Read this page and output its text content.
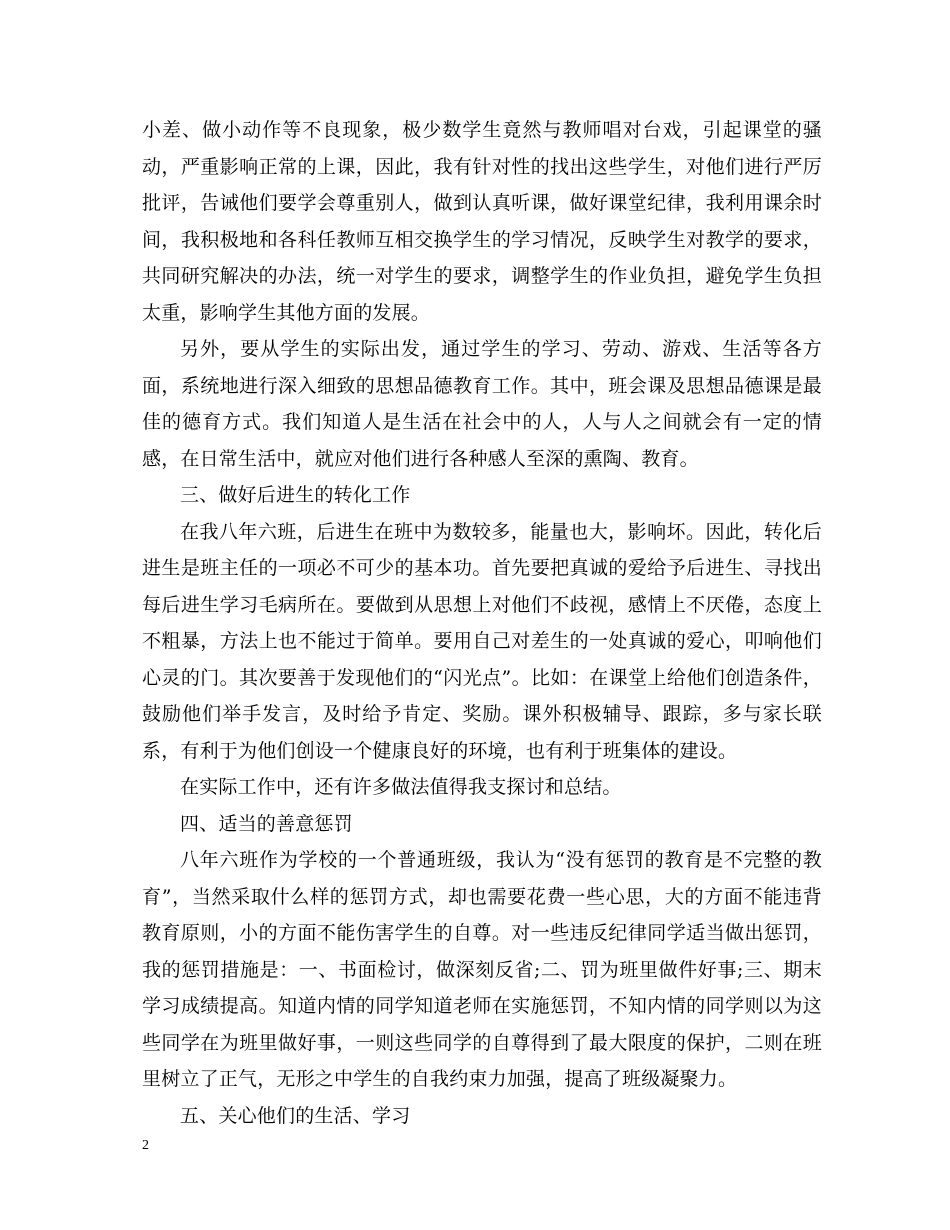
小差、做小动作等不良现象，极少数学生竟然与教师唱对台戏，引起课堂的骚动，严重影响正常的上课，因此，我有针对性的找出这些学生，对他们进行严厉批评，告诫他们要学会尊重别人，做到认真听课，做好课堂纪律，我利用课余时间，我积极地和各科任教师互相交换学生的学习情况，反映学生对教学的要求，共同研究解决的办法，统一对学生的要求，调整学生的作业负担，避免学生负担太重，影响学生其他方面的发展。

另外，要从学生的实际出发，通过学生的学习、劳动、游戏、生活等各方面，系统地进行深入细致的思想品德教育工作。其中，班会课及思想品德课是最佳的德育方式。我们知道人是生活在社会中的人，人与人之间就会有一定的情感，在日常生活中，就应对他们进行各种感人至深的熏陶、教育。

三、做好后进生的转化工作

在我八年六班，后进生在班中为数较多，能量也大，影响坏。因此，转化后进生是班主任的一项必不可少的基本功。首先要把真诚的爱给予后进生、寻找出每后进生学习毛病所在。要做到从思想上对他们不歧视，感情上不厌倦，态度上不粗暴，方法上也不能过于简单。要用自己对差生的一处真诚的爱心，叩响他们心灵的门。其次要善于发现他们的“闪光点”。比如：在课堂上给他们创造条件，鼓励他们举手发言，及时给予肯定、奖励。课外积极辅导、跟踪，多与家长联系，有利于为他们创设一个健康良好的环境，也有利于班集体的建设。

在实际工作中，还有许多做法值得我支探讨和总结。

四、适当的善意惩罚

八年六班作为学校的一个普通班级，我认为“没有惩罚的教育是不完整的教育”，当然采取什么样的惩罚方式，却也需要花费一些心思，大的方面不能违背教育原则，小的方面不能伤害学生的自尊。对一些违反纪律同学适当做出惩罚，我的惩罚措施是：一、书面检讨，做深刻反省;二、罚为班里做件好事;三、期末学习成绩提高。知道内情的同学知道老师在实施惩罚，不知内情的同学则以为这些同学在为班里做好事，一则这些同学的自尊得到了最大限度的保护，二则在班里树立了正气，无形之中学生的自我约束力加强，提高了班级凝聚力。

五、关心他们的生活、学习

2
